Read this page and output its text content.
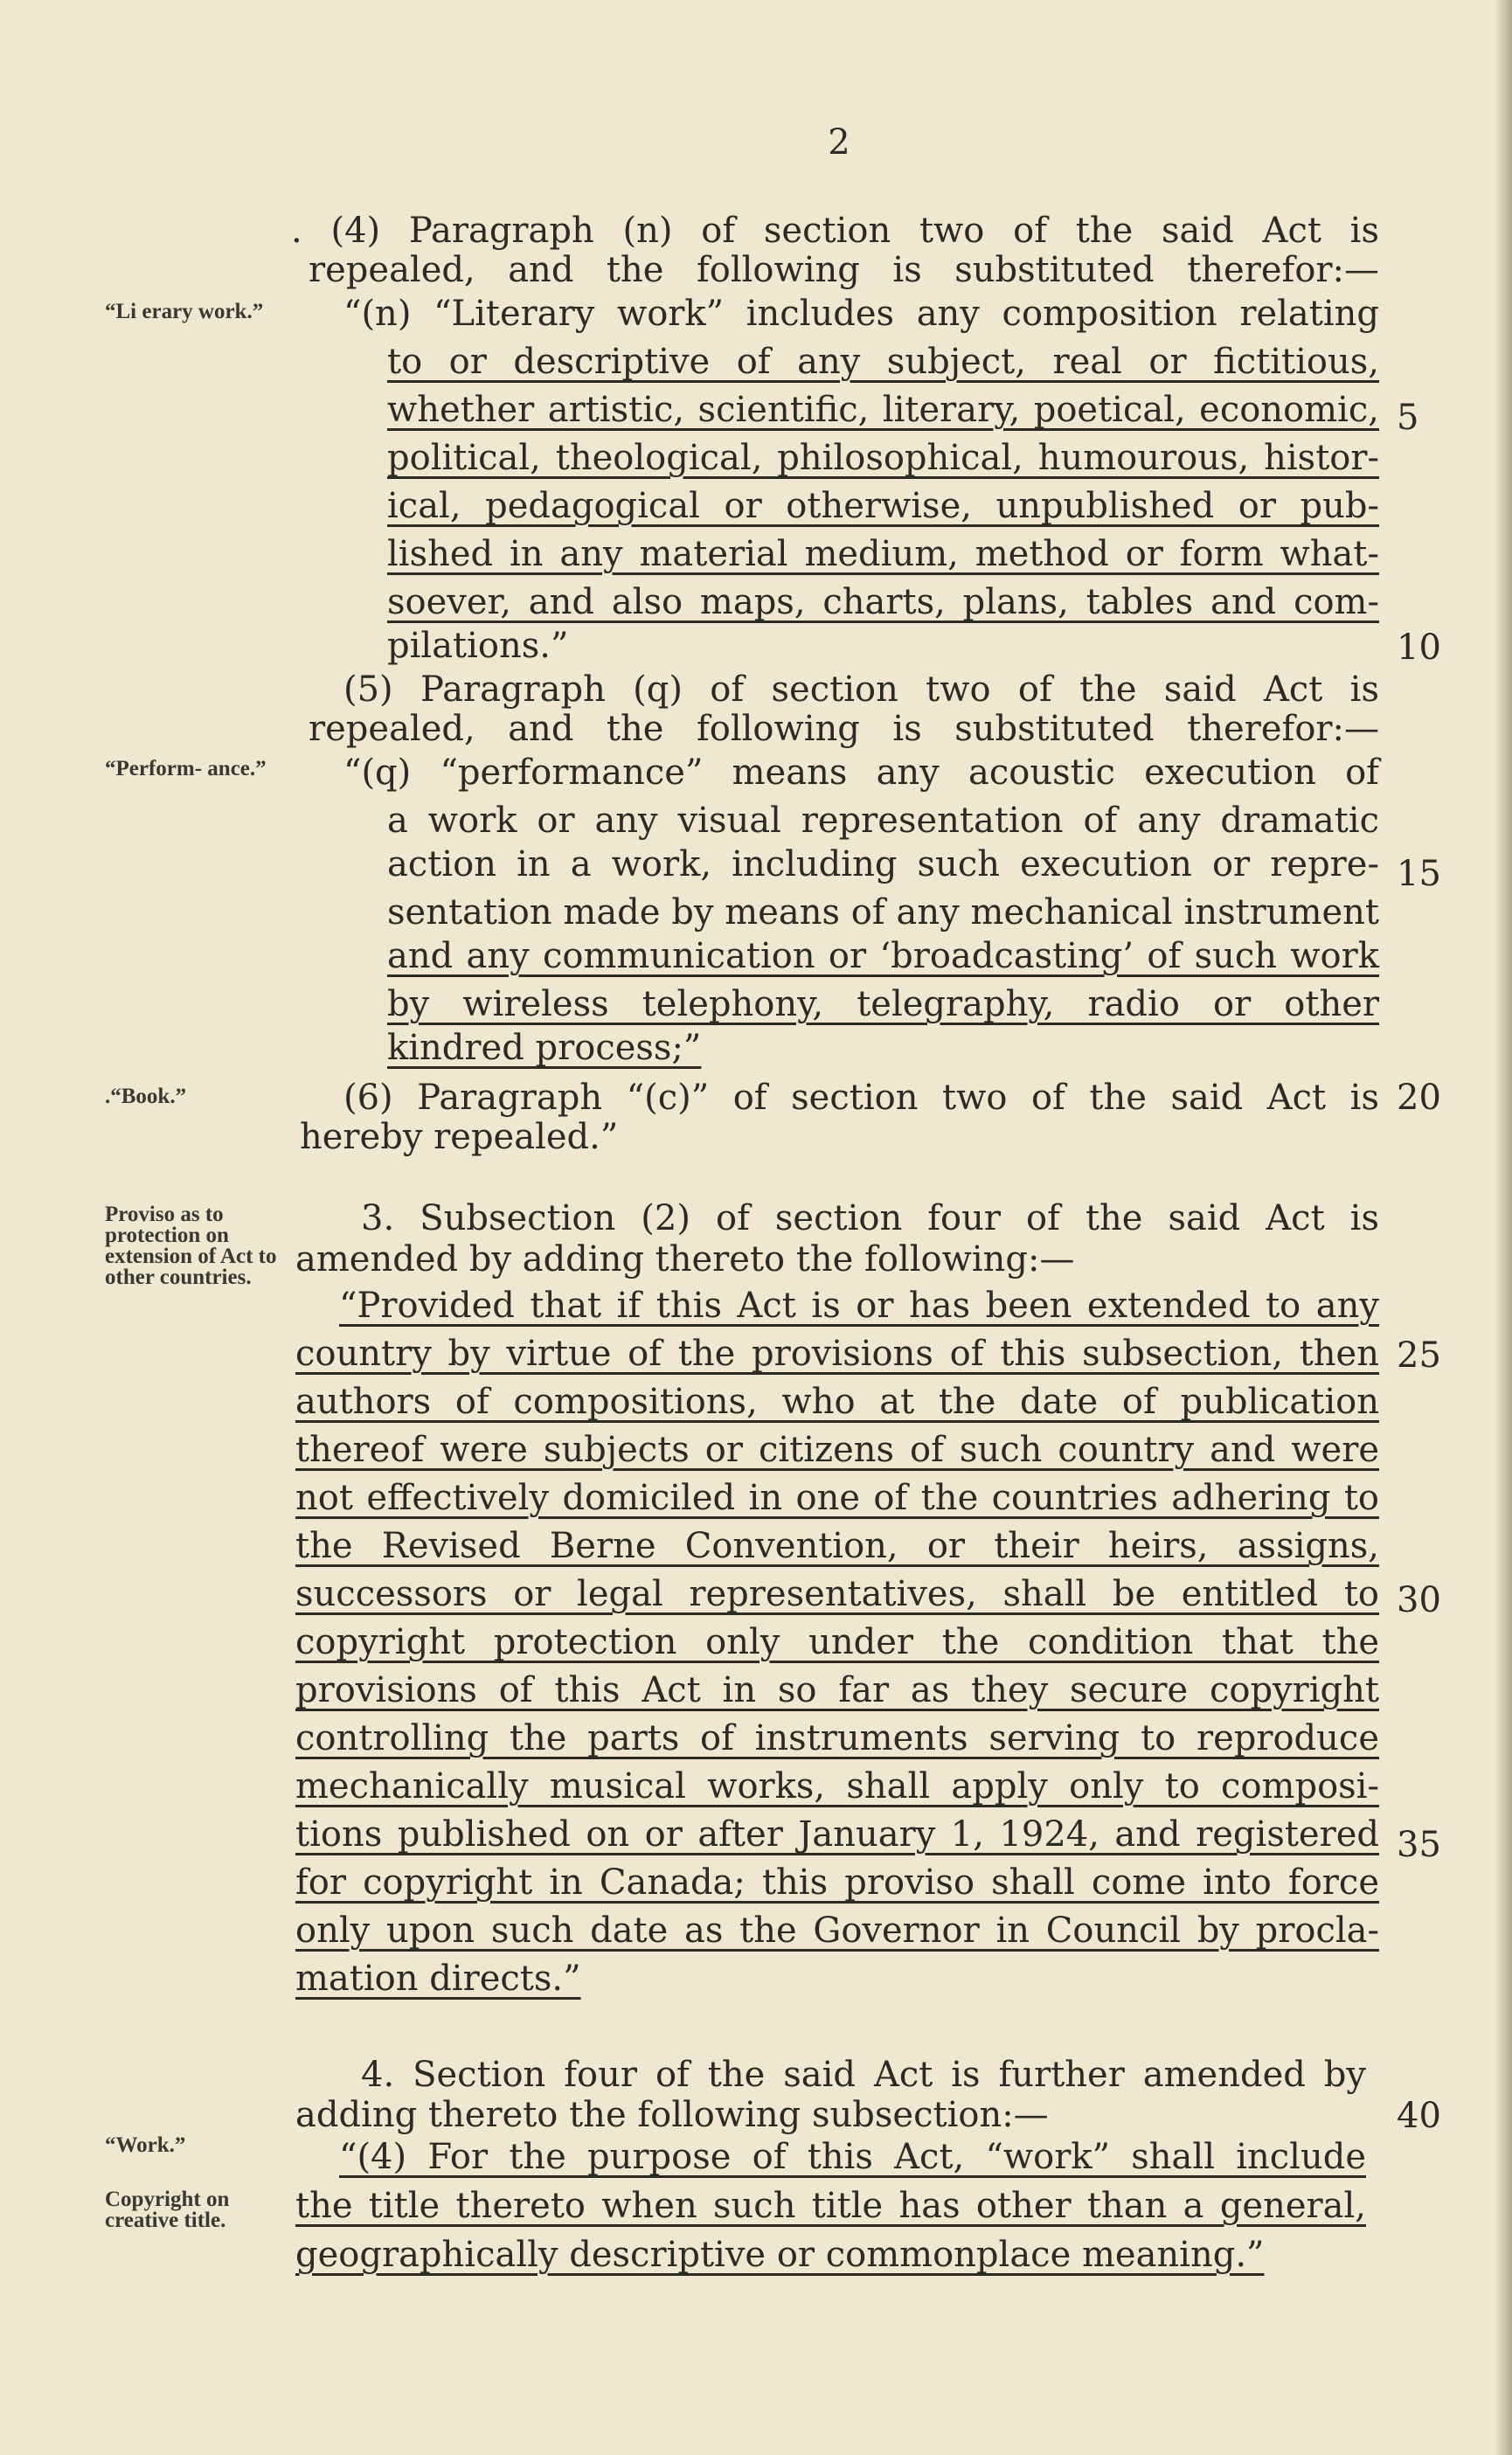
2
“Li erary work.”
“Perform- ance.”
.“Book.”
Proviso as to protection on extension of Act to other countries.
“Work.”
Copyright on creative title.
5
10
15
20
25
30
35
40
. (4) Paragraph (n) of section two of the said Act is
repealed, and the following is substituted therefor:—
“(n) “Literary work” includes any composition relating
to or descriptive of any subject, real or fictitious,
whether artistic, scientific, literary, poetical, economic,
political, theological, philosophical, humourous, histor-
ical, pedagogical or otherwise, unpublished or pub-
lished in any material medium, method or form what-
soever, and also maps, charts, plans, tables and com-
pilations.”
(5) Paragraph (q) of section two of the said Act is
repealed, and the following is substituted therefor:—
“(q) “performance” means any acoustic execution of
a work or any visual representation of any dramatic
action in a work, including such execution or repre-
sentation made by means of any mechanical instrument
and any communication or ‘broadcasting’ of such work
by wireless telephony, telegraphy, radio or other
kindred process;”
(6) Paragraph “(c)” of section two of the said Act is
hereby repealed.”
3. Subsection (2) of section four of the said Act is
amended by adding thereto the following:—
“Provided that if this Act is or has been extended to any
country by virtue of the provisions of this subsection, then
authors of compositions, who at the date of publication
thereof were subjects or citizens of such country and were
not effectively domiciled in one of the countries adhering to
the Revised Berne Convention, or their heirs, assigns,
successors or legal representatives, shall be entitled to
copyright protection only under the condition that the
provisions of this Act in so far as they secure copyright
controlling the parts of instruments serving to reproduce
mechanically musical works, shall apply only to composi-
tions published on or after January 1, 1924, and registered
for copyright in Canada; this proviso shall come into force
only upon such date as the Governor in Council by procla-
mation directs.”
4. Section four of the said Act is further amended by
adding thereto the following subsection:—
“(4) For the purpose of this Act, “work” shall include
the title thereto when such title has other than a general,
geographically descriptive or commonplace meaning.”
